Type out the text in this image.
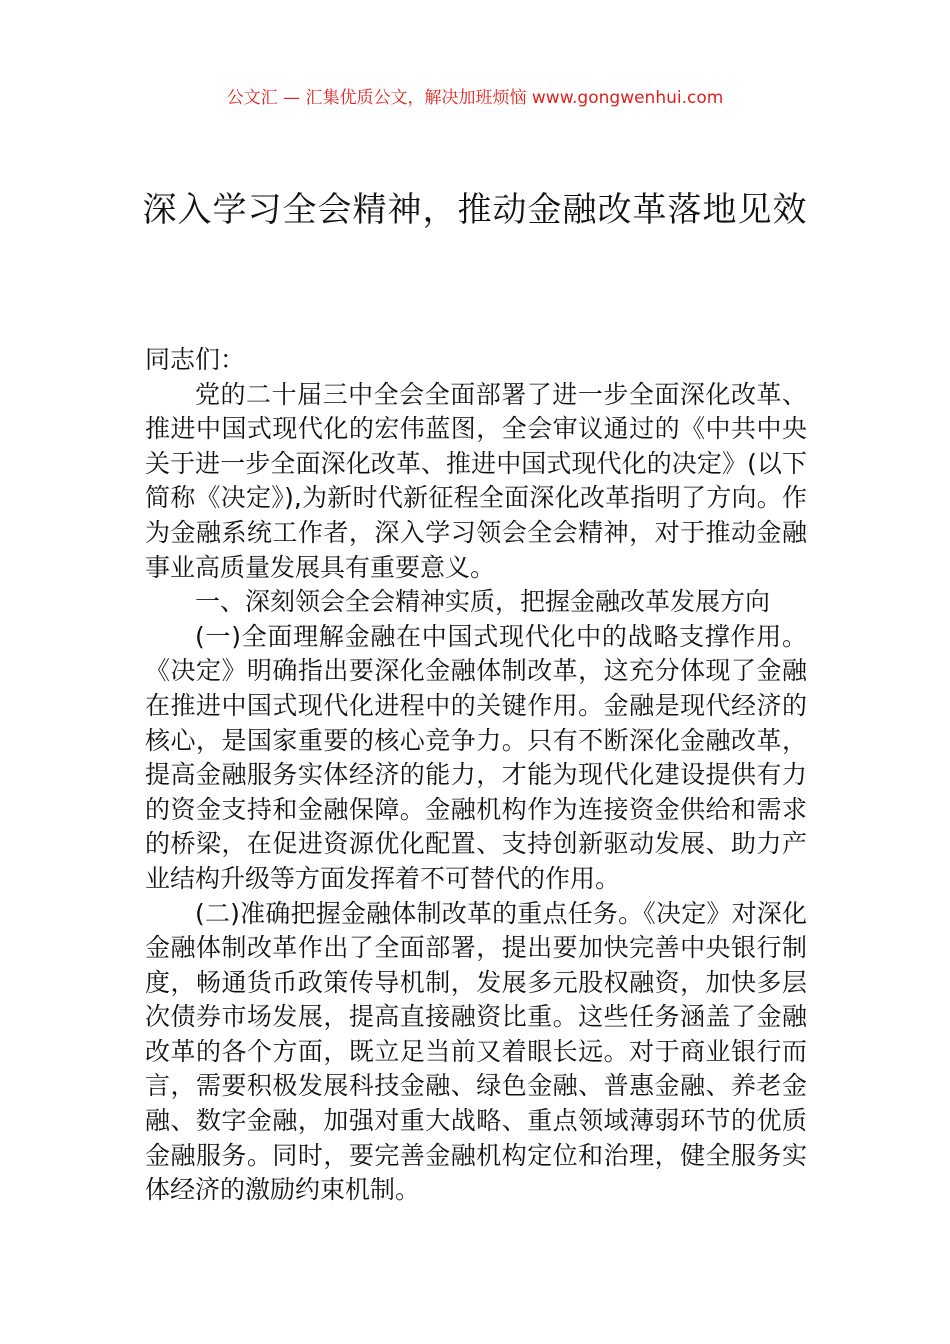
公文汇 — 汇集优质公文，解决加班烦恼 www.gongwenhui.com
深入学习全会精神，推动金融改革落地见效

同志们：

党的二十届三中全会全面部署了进一步全面深化改革、推进中国式现代化的宏伟蓝图，全会审议通过的《中共中央关于进一步全面深化改革、推进中国式现代化的决定》(以下简称《决定》),为新时代新征程全面深化改革指明了方向。作为金融系统工作者，深入学习领会全会精神，对于推动金融事业高质量发展具有重要意义。

一、深刻领会全会精神实质，把握金融改革发展方向

(一)全面理解金融在中国式现代化中的战略支撑作用。《决定》明确指出要深化金融体制改革，这充分体现了金融在推进中国式现代化进程中的关键作用。金融是现代经济的核心，是国家重要的核心竞争力。只有不断深化金融改革，提高金融服务实体经济的能力，才能为现代化建设提供有力的资金支持和金融保障。金融机构作为连接资金供给和需求的桥梁，在促进资源优化配置、支持创新驱动发展、助力产业结构升级等方面发挥着不可替代的作用。

(二)准确把握金融体制改革的重点任务。《决定》对深化金融体制改革作出了全面部署，提出要加快完善中央银行制度，畅通货币政策传导机制，发展多元股权融资，加快多层次债券市场发展，提高直接融资比重。这些任务涵盖了金融改革的各个方面，既立足当前又着眼长远。对于商业银行而言，需要积极发展科技金融、绿色金融、普惠金融、养老金融、数字金融，加强对重大战略、重点领域薄弱环节的优质金融服务。同时，要完善金融机构定位和治理，健全服务实体经济的激励约束机制。
